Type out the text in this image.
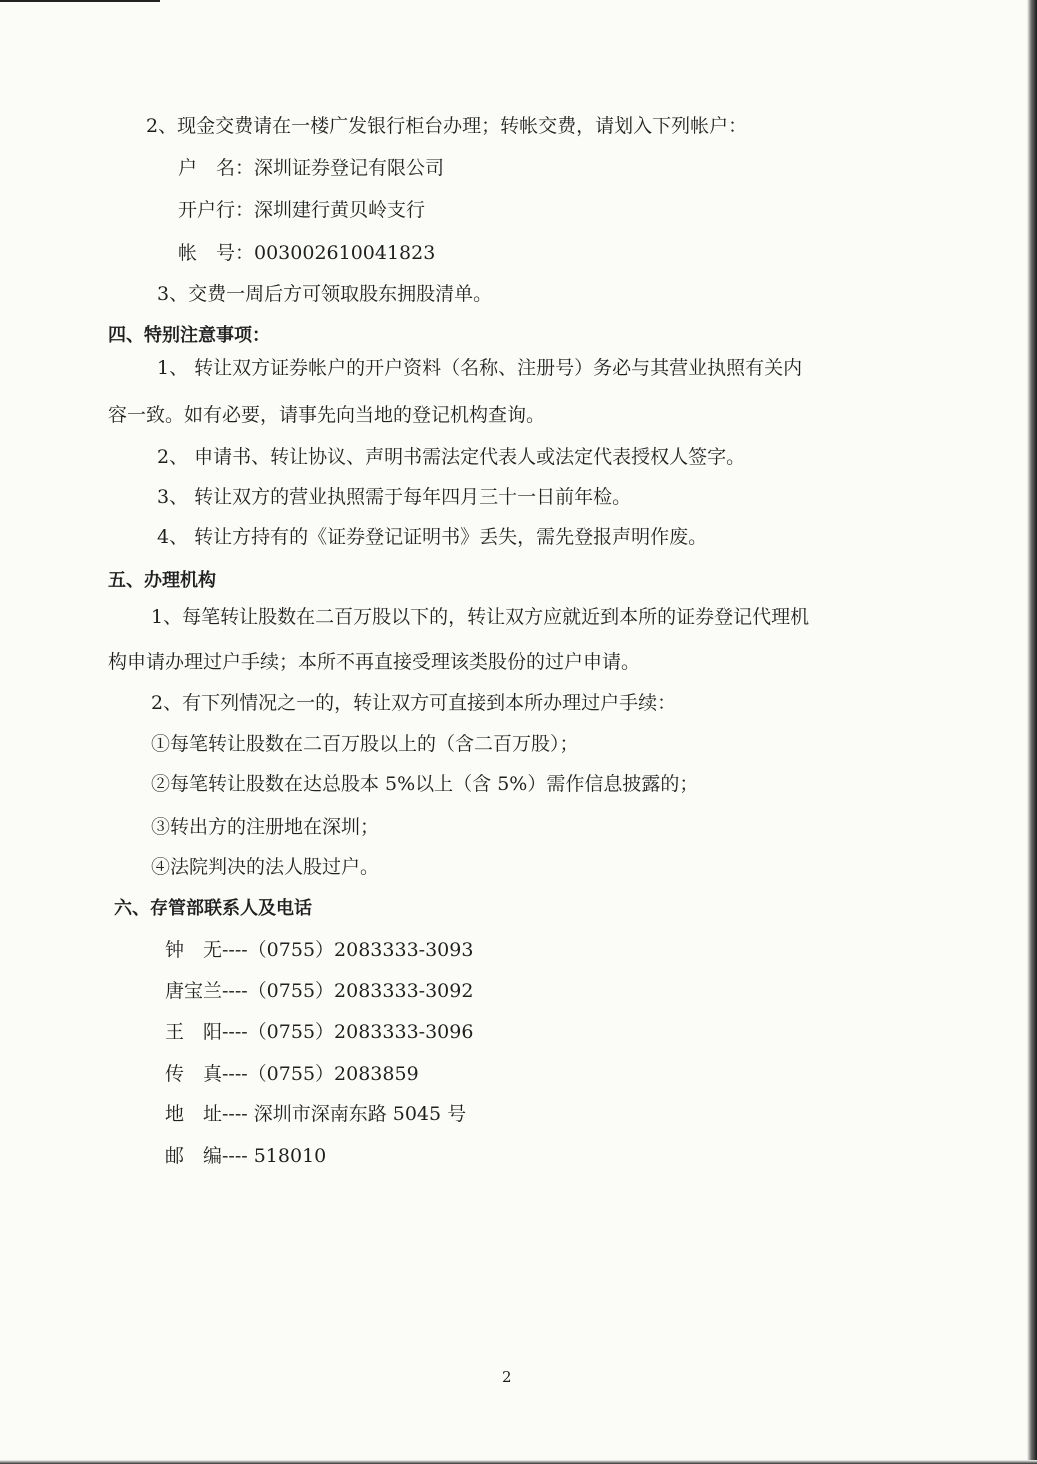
2、现金交费请在一楼广发银行柜台办理；转帐交费，请划入下列帐户：
户　名：深圳证券登记有限公司
开户行：深圳建行黄贝岭支行
帐　号：003002610041823
3、交费一周后方可领取股东拥股清单。
四、特别注意事项：
1、 转让双方证券帐户的开户资料（名称、注册号）务必与其营业执照有关内
容一致。如有必要，请事先向当地的登记机构查询。
2、 申请书、转让协议、声明书需法定代表人或法定代表授权人签字。
3、 转让双方的营业执照需于每年四月三十一日前年检。
4、 转让方持有的《证券登记证明书》丢失，需先登报声明作废。
五、办理机构
1、每笔转让股数在二百万股以下的，转让双方应就近到本所的证券登记代理机
构申请办理过户手续；本所不再直接受理该类股份的过户申请。
2、有下列情况之一的，转让双方可直接到本所办理过户手续：
①每笔转让股数在二百万股以上的（含二百万股）；
②每笔转让股数在达总股本 5%以上（含 5%）需作信息披露的；
③转出方的注册地在深圳；
④法院判决的法人股过户。
六、存管部联系人及电话
钟　无----（0755）2083333-3093
唐宝兰----（0755）2083333-3092
王　阳----（0755）2083333-3096
传　真----（0755）2083859
地　址---- 深圳市深南东路 5045 号
邮　编---- 518010
2
